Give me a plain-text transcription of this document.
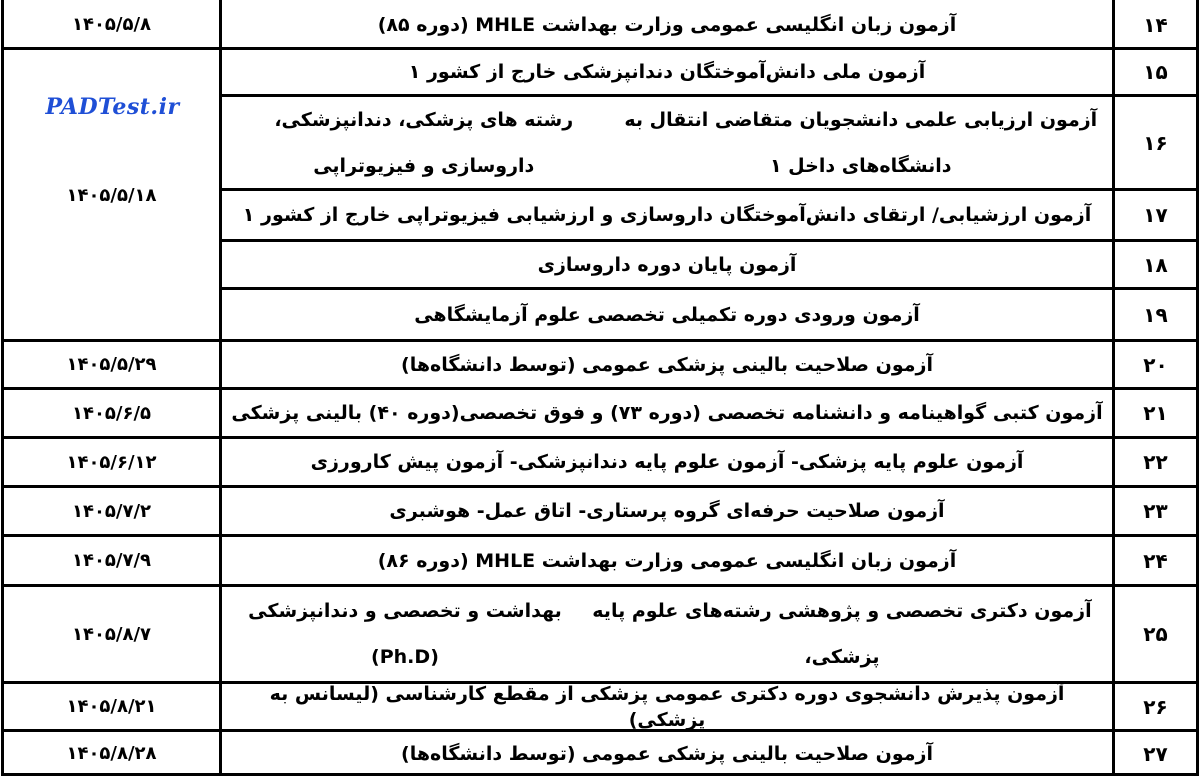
۱۴
آزمون زبان انگلیسی عمومی وزارت بهداشت MHLE (دوره ۸۵)
۱۴۰۵/۵/۸
۱۵
آزمون ملی دانش‌آموختگان دندانپزشکی خارج از کشور ۱
۱۶
آزمون ارزیابی علمی دانشجویان متقاضی انتقال به دانشگاه‌های داخل ۱
رشته های پزشکی، دندانپزشکی، داروسازی و فیزیوتراپی
۱۷
آزمون ارزشیابی/ ارتقای دانش‌آموختگان داروسازی و ارزشیابی فیزیوتراپی خارج از کشور ۱
۱۸
آزمون پایان دوره داروسازی
۱۹
آزمون ورودی دوره تکمیلی تخصصی علوم آزمایشگاهی
۲۰
آزمون صلاحیت بالینی پزشکی عمومی (توسط دانشگاه‌ها)
۱۴۰۵/۵/۲۹
۲۱
آزمون کتبی گواهینامه و دانشنامه تخصصی (دوره ۷۳) و فوق تخصصی(دوره ۴۰) بالینی پزشکی
۱۴۰۵/۶/۵
۲۲
آزمون علوم پایه پزشکی- آزمون علوم پایه دندانپزشکی- آزمون پیش کارورزی
۱۴۰۵/۶/۱۲
۲۳
آزمون صلاحیت حرفه‌ای گروه پرستاری- اتاق عمل- هوشبری
۱۴۰۵/۷/۲
۲۴
آزمون زبان انگلیسی عمومی وزارت بهداشت MHLE (دوره ۸۶)
۱۴۰۵/۷/۹
۲۵
آزمون دکتری تخصصی و پژوهشی رشته‌های علوم پایه پزشکی،
بهداشت و تخصصی و دندانپزشکی (Ph.D)
۱۴۰۵/۸/۷
۲۶
آزمون پذیرش دانشجوی دوره دکتری عمومی پزشکی از مقطع کارشناسی (لیسانس به پزشکی)
۱۴۰۵/۸/۲۱
۲۷
آزمون صلاحیت بالینی پزشکی عمومی (توسط دانشگاه‌ها)
۱۴۰۵/۸/۲۸
۱۴۰۵/۵/۱۸
PADTest.ir
